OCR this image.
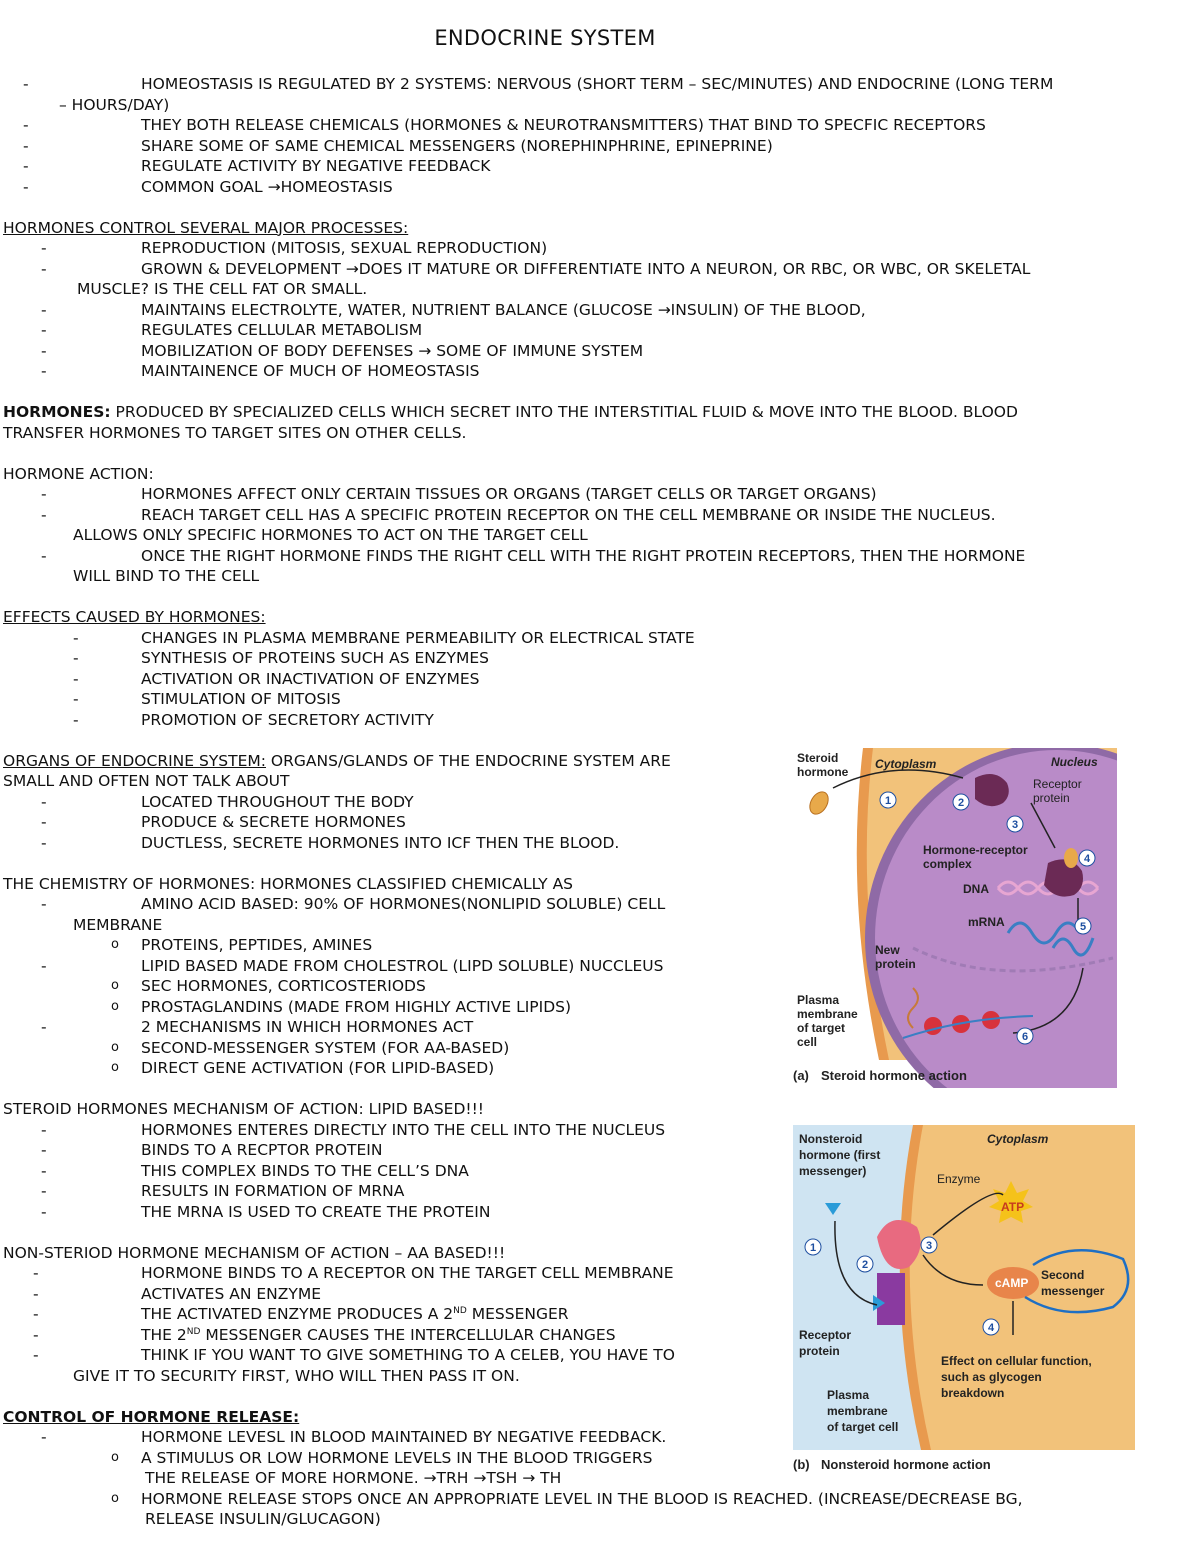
ENDOCRINE SYSTEM
-	HOMEOSTASIS IS REGULATED BY 2 SYSTEMS: NERVOUS (SHORT TERM – SEC/MINUTES) AND ENDOCRINE (LONG TERM
– HOURS/DAY)
-	THEY BOTH RELEASE CHEMICALS (HORMONES & NEUROTRANSMITTERS) THAT BIND TO SPECFIC RECEPTORS
-	SHARE SOME OF SAME CHEMICAL MESSENGERS (NOREPHINPHRINE, EPINEPRINE)
-	REGULATE ACTIVITY BY NEGATIVE FEEDBACK
-	COMMON GOAL →HOMEOSTASIS
HORMONES CONTROL SEVERAL MAJOR PROCESSES:
-	REPRODUCTION (MITOSIS, SEXUAL REPRODUCTION)
-	GROWN & DEVELOPMENT →DOES IT MATURE OR DIFFERENTIATE INTO A NEURON, OR RBC, OR WBC, OR SKELETAL
MUSCLE? IS THE CELL FAT OR SMALL.
-	MAINTAINS ELECTROLYTE, WATER, NUTRIENT BALANCE (GLUCOSE →INSULIN) OF THE BLOOD,
-	REGULATES CELLULAR METABOLISM
-	MOBILIZATION OF BODY DEFENSES → SOME OF IMMUNE SYSTEM
-	MAINTAINENCE OF MUCH OF HOMEOSTASIS
HORMONES: PRODUCED BY SPECIALIZED CELLS WHICH SECRET INTO THE INTERSTITIAL FLUID & MOVE INTO THE BLOOD. BLOOD
TRANSFER HORMONES TO TARGET SITES ON OTHER CELLS.
HORMONE ACTION:
-	HORMONES AFFECT ONLY CERTAIN TISSUES OR ORGANS (TARGET CELLS OR TARGET ORGANS)
-	REACH TARGET CELL HAS A SPECIFIC PROTEIN RECEPTOR ON THE CELL MEMBRANE OR INSIDE THE NUCLEUS.
ALLOWS ONLY SPECIFIC HORMONES TO ACT ON THE TARGET CELL
-	ONCE THE RIGHT HORMONE FINDS THE RIGHT CELL WITH THE RIGHT PROTEIN RECEPTORS, THEN THE HORMONE
WILL BIND TO THE CELL
EFFECTS CAUSED BY HORMONES:
-	CHANGES IN PLASMA MEMBRANE PERMEABILITY OR ELECTRICAL STATE
-	SYNTHESIS OF PROTEINS SUCH AS ENZYMES
-	ACTIVATION OR INACTIVATION OF ENZYMES
-	STIMULATION OF MITOSIS
-	PROMOTION OF SECRETORY ACTIVITY
ORGANS OF ENDOCRINE SYSTEM: ORGANS/GLANDS OF THE ENDOCRINE SYSTEM ARE
SMALL AND OFTEN NOT TALK ABOUT
-	LOCATED THROUGHOUT THE BODY
-	PRODUCE & SECRETE HORMONES
-	DUCTLESS, SECRETE HORMONES INTO ICF THEN THE BLOOD.
THE CHEMISTRY OF HORMONES: HORMONES CLASSIFIED CHEMICALLY AS
-	AMINO ACID BASED: 90% OF HORMONES(NONLIPID SOLUBLE) CELL
MEMBRANE
o PROTEINS, PEPTIDES, AMINES
-	LIPID BASED MADE FROM CHOLESTROL (LIPD SOLUBLE) NUCCLEUS
o SEC HORMONES, CORTICOSTERIODS
o PROSTAGLANDINS (MADE FROM HIGHLY ACTIVE LIPIDS)
-	2 MECHANISMS IN WHICH HORMONES ACT
o SECOND-MESSENGER SYSTEM (FOR AA-BASED)
o DIRECT GENE ACTIVATION (FOR LIPID-BASED)
STEROID HORMONES MECHANISM OF ACTION: LIPID BASED!!!
-	HORMONES ENTERES DIRECTLY INTO THE CELL INTO THE NUCLEUS
-	BINDS TO A RECPTOR PROTEIN
-	THIS COMPLEX BINDS TO THE CELL’S DNA
-	RESULTS IN FORMATION OF MRNA
-	THE MRNA IS USED TO CREATE THE PROTEIN
NON-STERIOD HORMONE MECHANISM OF ACTION – AA BASED!!!
-	HORMONE BINDS TO A RECEPTOR ON THE TARGET CELL MEMBRANE
-	ACTIVATES AN ENZYME
-	THE ACTIVATED ENZYME PRODUCES A 2ND MESSENGER
-	THE 2ND MESSENGER CAUSES THE INTERCELLULAR CHANGES
-	THINK IF YOU WANT TO GIVE SOMETHING TO A CELEB, YOU HAVE TO
GIVE IT TO SECURITY FIRST, WHO WILL THEN PASS IT ON.
CONTROL OF HORMONE RELEASE:
-	HORMONE LEVESL IN BLOOD MAINTAINED BY NEGATIVE FEEDBACK.
o A STIMULUS OR LOW HORMONE LEVELS IN THE BLOOD TRIGGERS
THE RELEASE OF MORE HORMONE. →TRH →TSH → TH
o HORMONE RELEASE STOPS ONCE AN APPROPRIATE LEVEL IN THE BLOOD IS REACHED. (INCREASE/DECREASE BG,
RELEASE INSULIN/GLUCAGON)
1	2
3
4
5
6
Steroid
hormone
Cytoplasm	Nucleus
Receptor
protein
Hormone-receptor
complex
DNA
mRNA
New
protein
Plasma
membrane
of target
cell
(a) Steroid hormone action
1
2
3
4
Nonsteroid
hormone (first
messenger)
Cytoplasm
Enzyme
ATP
cAMP
Second
messenger
Receptor
protein
Effect on cellular function,
such as glycogen
breakdown
Plasma
membrane
of target cell
(b) Nonsteroid hormone action
